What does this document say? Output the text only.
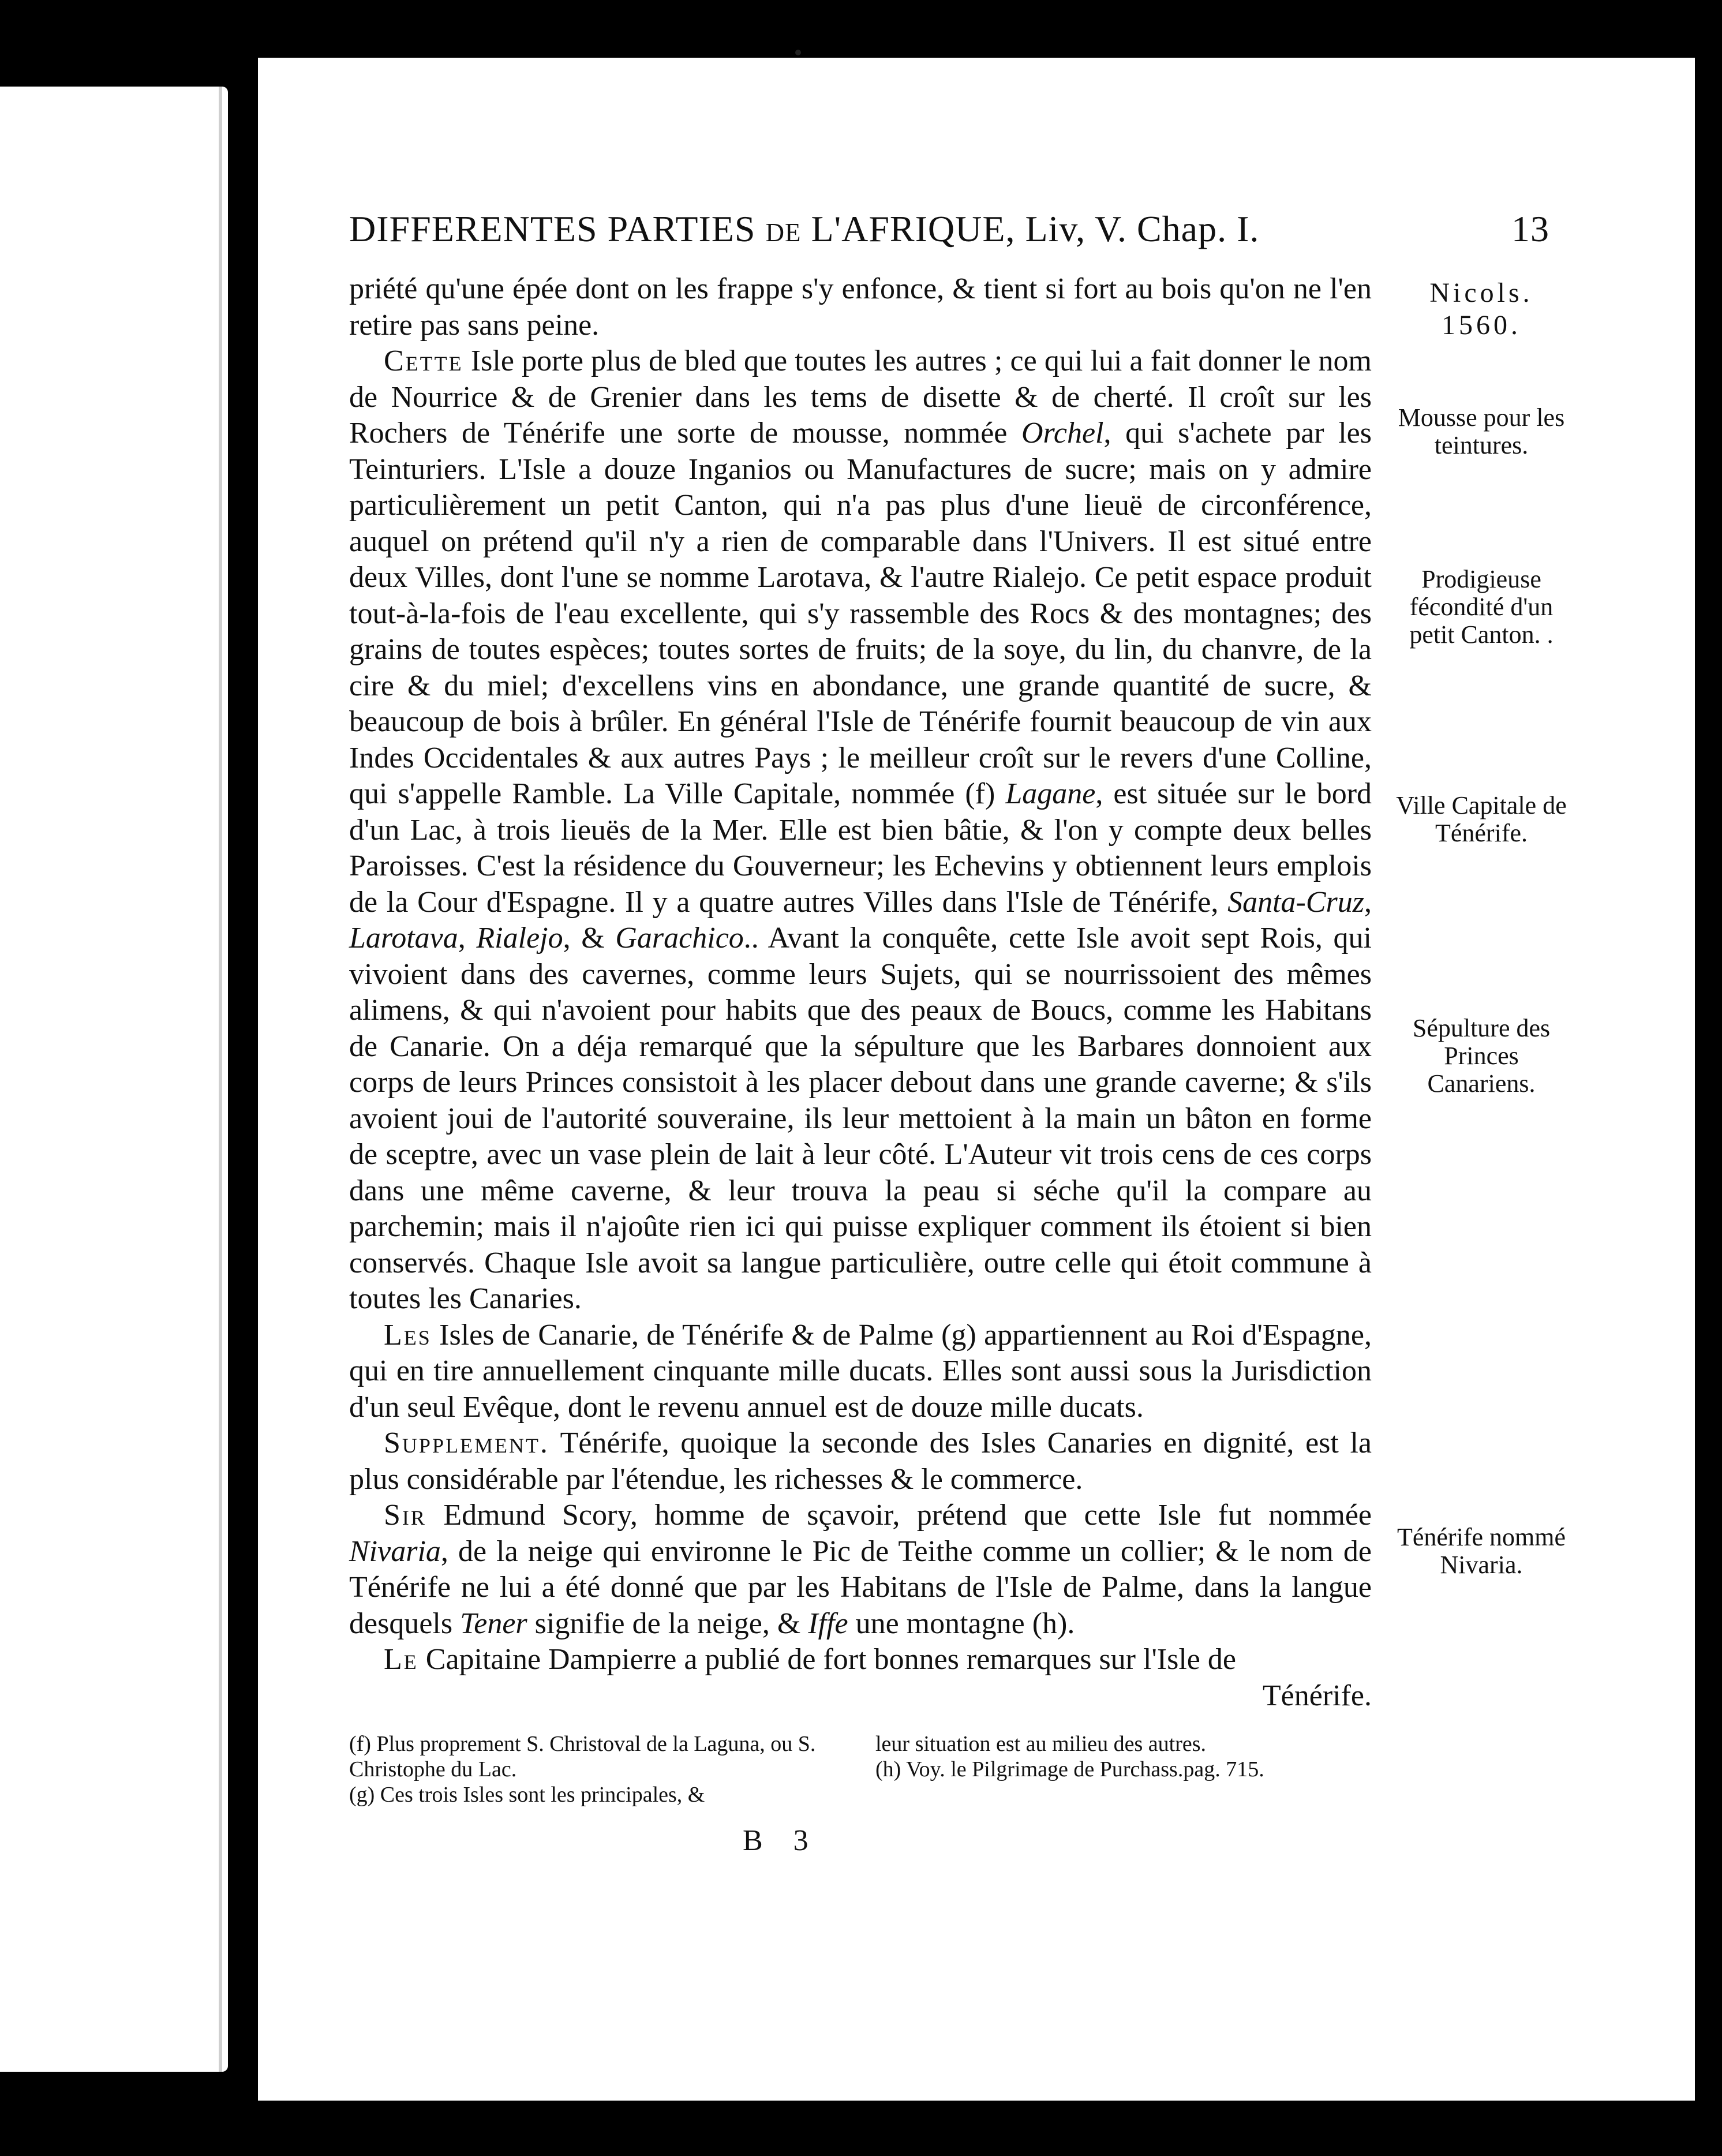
DIFFERENTES PARTIES de L'AFRIQUE, Liv, V. Chap. I.	13

priété qu'une épée dont on les frappe s'y enfonce, & tient si fort au bois qu'on ne l'en retire pas sans peine.

Cette Isle porte plus de bled que toutes les autres ; ce qui lui a fait donner le nom de Nourrice & de Grenier dans les tems de disette & de cherté. Il croît sur les Rochers de Ténérife une sorte de mousse, nommée Orchel, qui s'achete par les Teinturiers. L'Isle a douze Inganios ou Manufactures de sucre; mais on y admire particulièrement un petit Canton, qui n'a pas plus d'une lieuë de circonférence, auquel on prétend qu'il n'y a rien de comparable dans l'Univers. Il est situé entre deux Villes, dont l'une se nomme Larotava, & l'autre Rialejo. Ce petit espace produit tout-à-la-fois de l'eau excellente, qui s'y rassemble des Rocs & des montagnes; des grains de toutes espèces; toutes sortes de fruits; de la soye, du lin, du chanvre, de la cire & du miel; d'excellens vins en abondance, une grande quantité de sucre, & beaucoup de bois à brûler. En général l'Isle de Ténérife fournit beaucoup de vin aux Indes Occidentales & aux autres Pays ; le meilleur croît sur le revers d'une Colline, qui s'appelle Ramble. La Ville Capitale, nommée (f) Lagane, est située sur le bord d'un Lac, à trois lieuës de la Mer. Elle est bien bâtie, & l'on y compte deux belles Paroisses. C'est la résidence du Gouverneur; les Echevins y obtiennent leurs emplois de la Cour d'Espagne. Il y a quatre autres Villes dans l'Isle de Ténérife, Santa-Cruz, Larotava, Rialejo, & Garachico.. Avant la conquête, cette Isle avoit sept Rois, qui vivoient dans des cavernes, comme leurs Sujets, qui se nourrissoient des mêmes alimens, & qui n'avoient pour habits que des peaux de Boucs, comme les Habitans de Canarie. On a déja remarqué que la sépulture que les Barbares donnoient aux corps de leurs Princes consistoit à les placer debout dans une grande caverne; & s'ils avoient joui de l'autorité souveraine, ils leur mettoient à la main un bâton en forme de sceptre, avec un vase plein de lait à leur côté. L'Auteur vit trois cens de ces corps dans une même caverne, & leur trouva la peau si séche qu'il la compare au parchemin; mais il n'ajoûte rien ici qui puisse expliquer comment ils étoient si bien conservés. Chaque Isle avoit sa langue particulière, outre celle qui étoit commune à toutes les Canaries.

Les Isles de Canarie, de Ténérife & de Palme (g) appartiennent au Roi d'Espagne, qui en tire annuellement cinquante mille ducats. Elles sont aussi sous la Jurisdiction d'un seul Evêque, dont le revenu annuel est de douze mille ducats.

Supplement. Ténérife, quoique la seconde des Isles Canaries en dignité, est la plus considérable par l'étendue, les richesses & le commerce.

Sir Edmund Scory, homme de sçavoir, prétend que cette Isle fut nommée Nivaria, de la neige qui environne le Pic de Teithe comme un collier; & le nom de Ténérife ne lui a été donné que par les Habitans de l'Isle de Palme, dans la langue desquels Tener signifie de la neige, & Iffe une montagne (h).

Le Capitaine Dampierre a publié de fort bonnes remarques sur l'Isle de

Ténérife.

Nicols.
1560.
Mousse pour les teintures.
Prodigieuse fécondité d'un petit Canton. .
Ville Capitale de Ténérife.
Sépulture des Princes Canariens.
Ténérife nommé Nivaria.

(f) Plus proprement S. Christoval de la Laguna, ou S. Christophe du Lac.

(g) Ces trois Isles sont les principales, &

leur situation est au milieu des autres.

(h) Voy. le Pilgrimage de Purchass.pag. 715.

B 3
